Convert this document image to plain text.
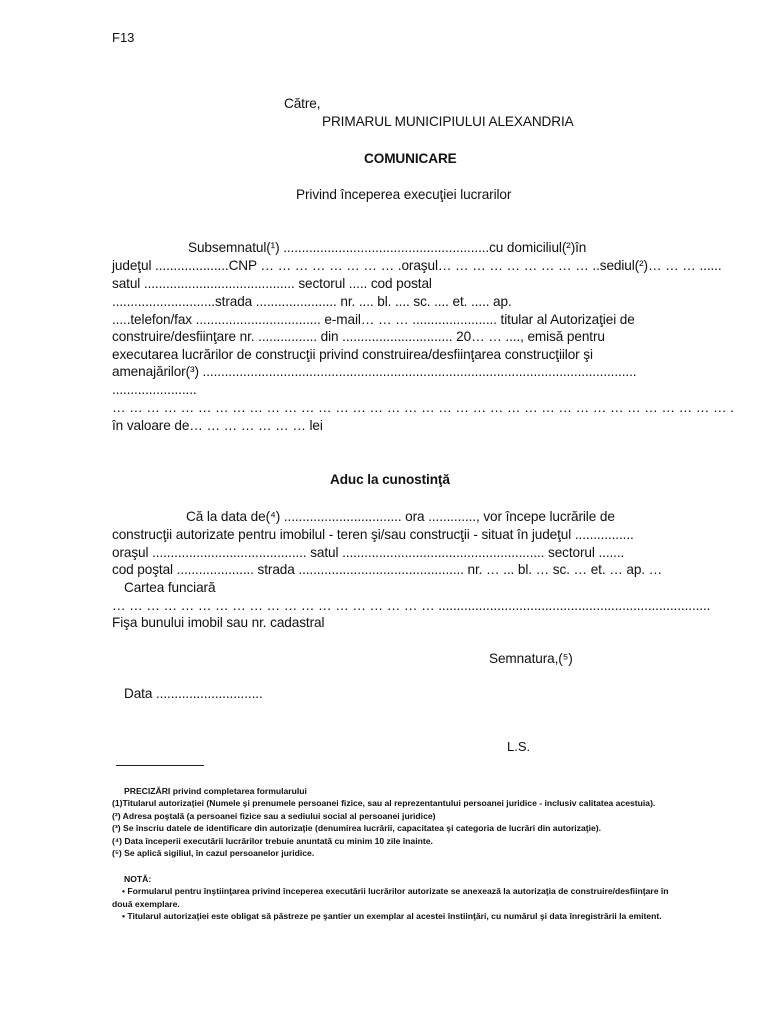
F13

Către,

PRIMARUL MUNICIPIULUI ALEXANDRIA

COMUNICARE

Privind începerea execuţiei lucrarilor

Subsemnatul(¹) ........................................................cu domiciliul(²)în

judeţul ....................CNP … … … … … … … … .oraşul… … … … … … … … … ..sediul(²)… … … ......

satul ......................................... sectorul ..... cod postal

............................strada ...................... nr. .... bl. .... sc. .... et. ..... ap.

.....telefon/fax .................................. e-mail… … … ....................... titular al Autorizaţiei de

construire/desfiinţare nr. ................ din .............................. 20… … ...., emisă pentru

executarea lucrărilor de construcţii privind construirea/desfiinţarea construcţiilor şi

amenajărilor(³) ......................................................................................................................

.......................

… … … … … … … … … … … … … … … … … … … … … … … … … … … … … … … … … … … … .

în valoare de… … … … … … … lei

Aduc la cunostinţă

Că la data de(⁴) ................................ ora ............., vor începe lucrările de

construcţii autorizate pentru imobilul - teren şi/sau construcţii - situat în judeţul ................

oraşul .......................................... satul ....................................................... sectorul .......

cod poştal ..................... strada ............................................. nr. … ... bl. … sc. … et. … ap. …

Cartea funciară

… … … … … … … … … … … … … … … … … … … ..........................................................................

Fişa bunului imobil sau nr. cadastral

Semnatura,(⁵)

Data .............................

L.S.

PRECIZĂRI privind completarea formularului
(1)Titularul autorizaţiei (Numele şi prenumele persoanei fizice, sau al reprezentantului persoanei juridice - inclusiv calitatea acestuia).
(²) Adresa poştală (a persoanei fizice sau a sediului social al persoanei juridice)
(³) Se înscriu datele de identificare din autorizaţie (denumirea lucrării, capacitatea şi categoria de lucrări din autorizaţie).
(⁴) Data începerii executării lucrărilor trebuie anuntată cu minim 10 zile înainte.
(⁵) Se aplică sigiliul, în cazul persoanelor juridice.
NOTĂ:
• Formularul pentru înştiinţarea privind începerea executării lucrărilor autorizate se anexează la autorizaţia de construire/desfiinţare în
două exemplare.
• Titularul autorizaţiei este obligat să păstreze pe şantier un exemplar al acestei înstiinţări, cu numărul şi data înregistrării la emitent.
